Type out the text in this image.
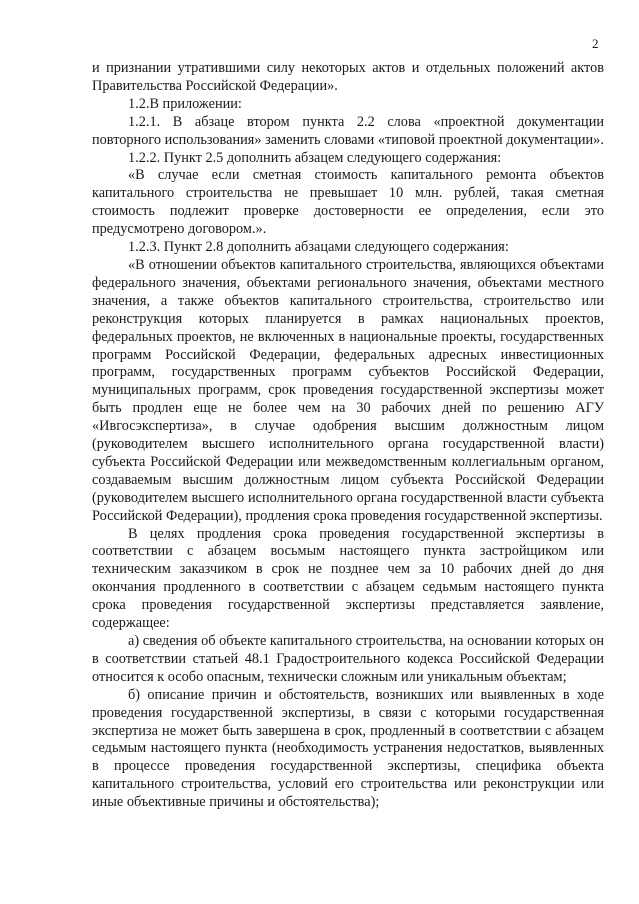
2

и признании утратившими силу некоторых актов и отдельных положений актов Правительства Российской Федерации».

1.2.В приложении:

1.2.1. В абзаце втором пункта 2.2 слова «проектной документации повторного использования» заменить словами «типовой проектной документации».

1.2.2. Пункт 2.5 дополнить абзацем следующего содержания:

«В случае если сметная стоимость капитального ремонта объектов капитального строительства не превышает 10 млн. рублей, такая сметная стоимость подлежит проверке достоверности ее определения, если это предусмотрено договором.».

1.2.3. Пункт 2.8 дополнить абзацами следующего содержания:

«В отношении объектов капитального строительства, являющихся объектами федерального значения, объектами регионального значения, объектами местного значения, а также объектов капитального строительства, строительство или реконструкция которых планируется в рамках национальных проектов, федеральных проектов, не включенных в национальные проекты, государственных программ Российской Федерации, федеральных адресных инвестиционных программ, государственных программ субъектов Российской Федерации, муниципальных программ, срок проведения государственной экспертизы может быть продлен еще не более чем на 30 рабочих дней по решению АГУ «Ивгосэкспертиза», в случае одобрения высшим должностным лицом (руководителем высшего исполнительного органа государственной власти) субъекта Российской Федерации или межведомственным коллегиальным органом, создаваемым высшим должностным лицом субъекта Российской Федерации (руководителем высшего исполнительного органа государственной власти субъекта Российской Федерации), продления срока проведения государственной экспертизы.

В целях продления срока проведения государственной экспертизы в соответствии с абзацем восьмым настоящего пункта застройщиком или техническим заказчиком в срок не позднее чем за 10 рабочих дней до дня окончания продленного в соответствии с абзацем седьмым настоящего пункта срока проведения государственной экспертизы представляется заявление, содержащее:

а) сведения об объекте капитального строительства, на основании которых он в соответствии статьей 48.1 Градостроительного кодекса Российской Федерации относится к особо опасным, технически сложным или уникальным объектам;

б) описание причин и обстоятельств, возникших или выявленных в ходе проведения государственной экспертизы, в связи с которыми государственная экспертиза не может быть завершена в срок, продленный в соответствии с абзацем седьмым настоящего пункта (необходимость устранения недостатков, выявленных в процессе проведения государственной экспертизы, специфика объекта капитального строительства, условий его строительства или реконструкции или иные объективные причины и обстоятельства);
